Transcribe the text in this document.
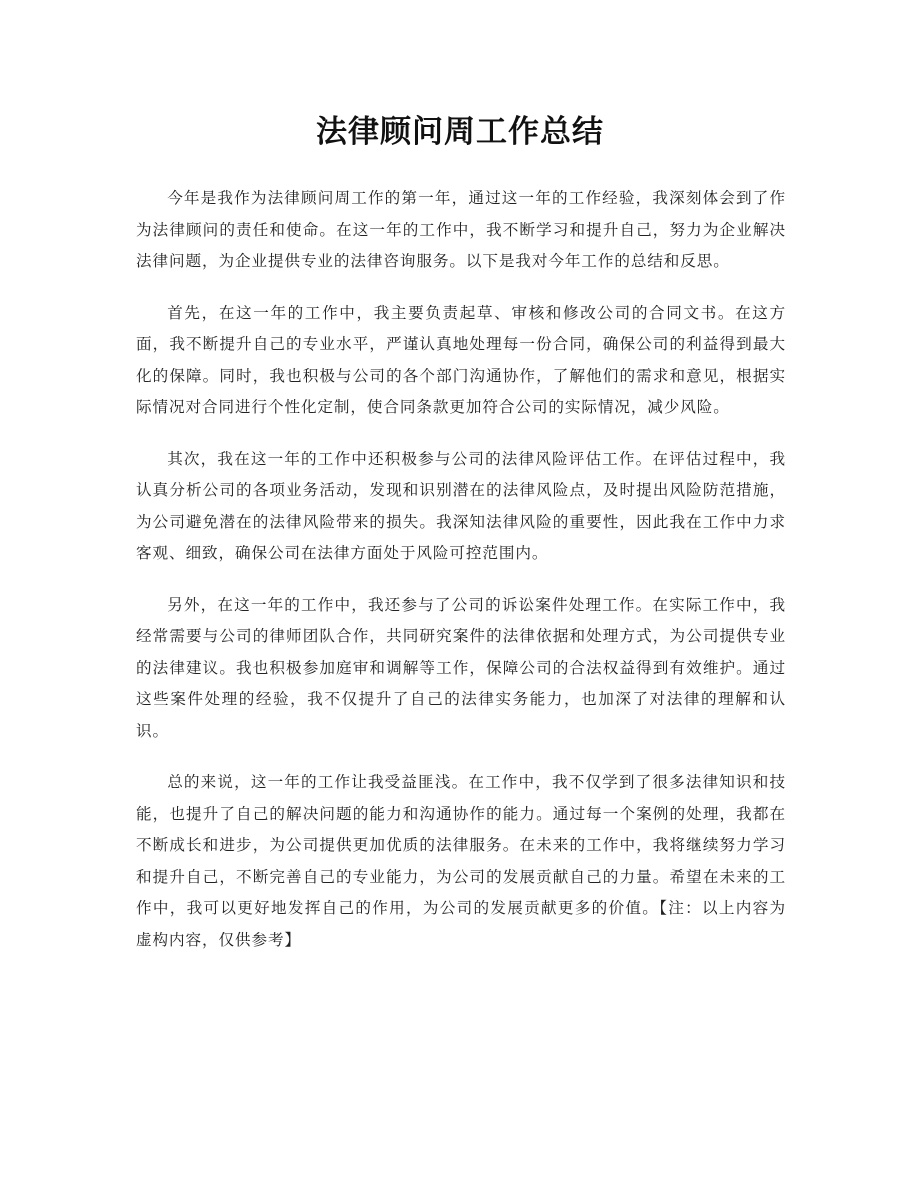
法律顾问周工作总结

今年是我作为法律顾问周工作的第一年，通过这一年的工作经验，我深刻体会到了作为法律顾问的责任和使命。在这一年的工作中，我不断学习和提升自己，努力为企业解决法律问题，为企业提供专业的法律咨询服务。以下是我对今年工作的总结和反思。

首先，在这一年的工作中，我主要负责起草、审核和修改公司的合同文书。在这方面，我不断提升自己的专业水平，严谨认真地处理每一份合同，确保公司的利益得到最大化的保障。同时，我也积极与公司的各个部门沟通协作，了解他们的需求和意见，根据实际情况对合同进行个性化定制，使合同条款更加符合公司的实际情况，减少风险。

其次，我在这一年的工作中还积极参与公司的法律风险评估工作。在评估过程中，我认真分析公司的各项业务活动，发现和识别潜在的法律风险点，及时提出风险防范措施，为公司避免潜在的法律风险带来的损失。我深知法律风险的重要性，因此我在工作中力求客观、细致，确保公司在法律方面处于风险可控范围内。

另外，在这一年的工作中，我还参与了公司的诉讼案件处理工作。在实际工作中，我经常需要与公司的律师团队合作，共同研究案件的法律依据和处理方式，为公司提供专业的法律建议。我也积极参加庭审和调解等工作，保障公司的合法权益得到有效维护。通过这些案件处理的经验，我不仅提升了自己的法律实务能力，也加深了对法律的理解和认识。

总的来说，这一年的工作让我受益匪浅。在工作中，我不仅学到了很多法律知识和技能，也提升了自己的解决问题的能力和沟通协作的能力。通过每一个案例的处理，我都在不断成长和进步，为公司提供更加优质的法律服务。在未来的工作中，我将继续努力学习和提升自己，不断完善自己的专业能力，为公司的发展贡献自己的力量。希望在未来的工作中，我可以更好地发挥自己的作用，为公司的发展贡献更多的价值。【注：以上内容为虚构内容，仅供参考】
